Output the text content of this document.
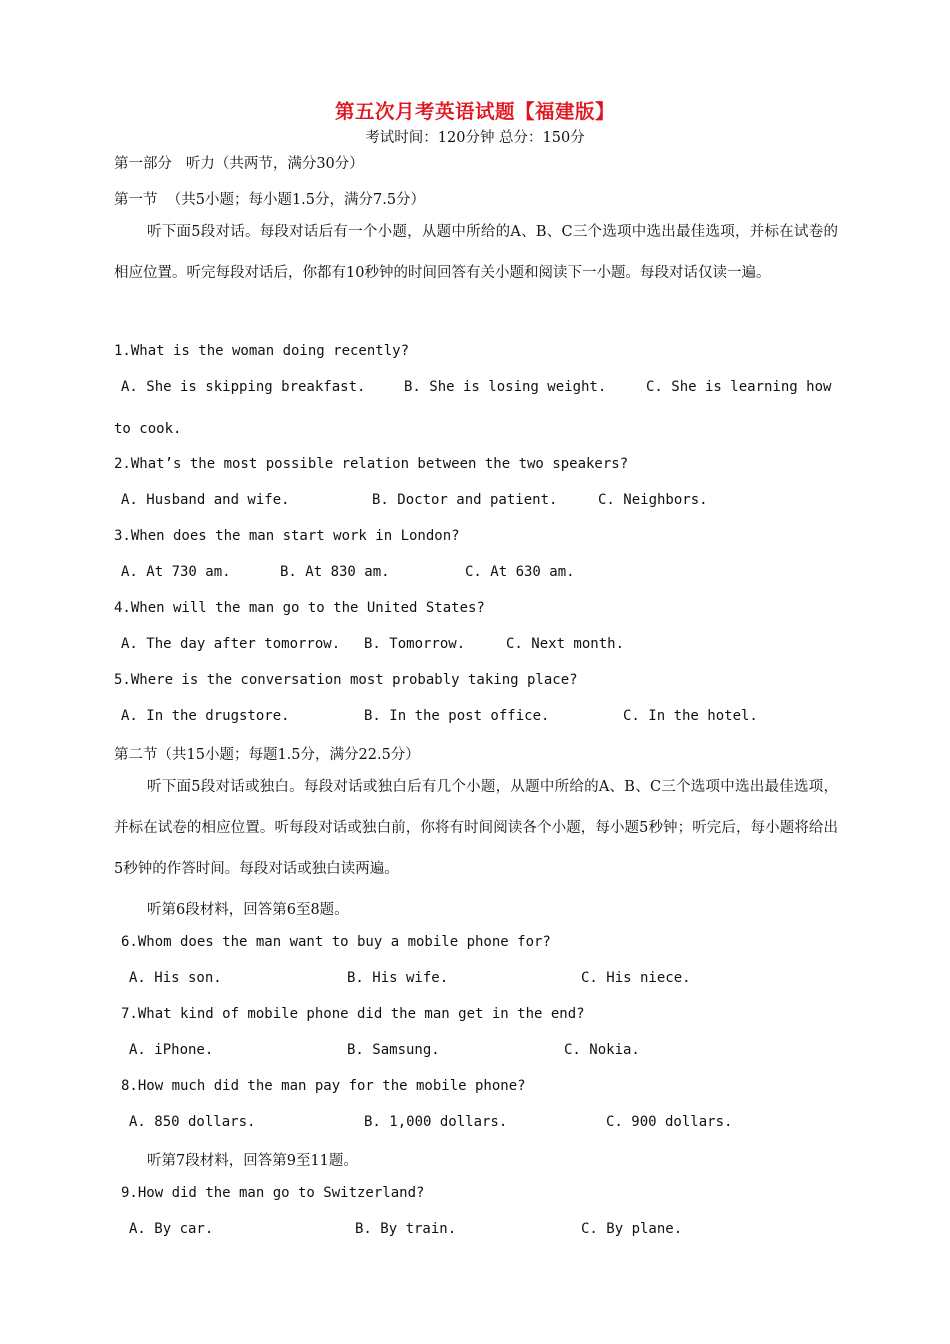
第五次月考英语试题【福建版】
考试时间：120分钟 总分：150分
第一部分   听力（共两节，满分30分）
第一节  （共5小题；每小题1.5分，满分7.5分）
听下面5段对话。每段对话后有一个小题，从题中所给的A、B、C三个选项中选出最佳选项，并标在试卷的相应位置。听完每段对话后，你都有10秒钟的时间回答有关小题和阅读下一小题。每段对话仅读一遍。
1.What is the woman doing recently?
A. She is skipping breakfast.	B. She is losing weight.	C. She is learning how
to cook.
2.What’s the most possible relation between the two speakers?
A. Husband and wife.	B. Doctor and patient.	C. Neighbors.
3.When does the man start work in London?
A. At 730 am.	B. At 830 am.	C. At 630 am.
4.When will the man go to the United States?
A. The day after tomorrow. B. Tomorrow.	C. Next month.
5.Where is the conversation most probably taking place?
A. In the drugstore.	B. In the post office.	C. In the hotel.
第二节（共15小题；每题1.5分，满分22.5分）
听下面5段对话或独白。每段对话或独白后有几个小题，从题中所给的A、B、C三个选项中选出最佳选项，并标在试卷的相应位置。听每段对话或独白前，你将有时间阅读各个小题，每小题5秒钟；听完后，每小题将给出5秒钟的作答时间。每段对话或独白读两遍。
听第6段材料，回答第6至8题。
6.Whom does the man want to buy a mobile phone for?
A. His son.	B. His wife.	C. His niece.
7.What kind of mobile phone did the man get in the end?
A. iPhone.	B. Samsung.	C. Nokia.
8.How much did the man pay for the mobile phone?
A. 850 dollars.	B. 1,000 dollars.	C. 900 dollars.
听第7段材料，回答第9至11题。
9.How did the man go to Switzerland?
A. By car.	B. By train.	C. By plane.
